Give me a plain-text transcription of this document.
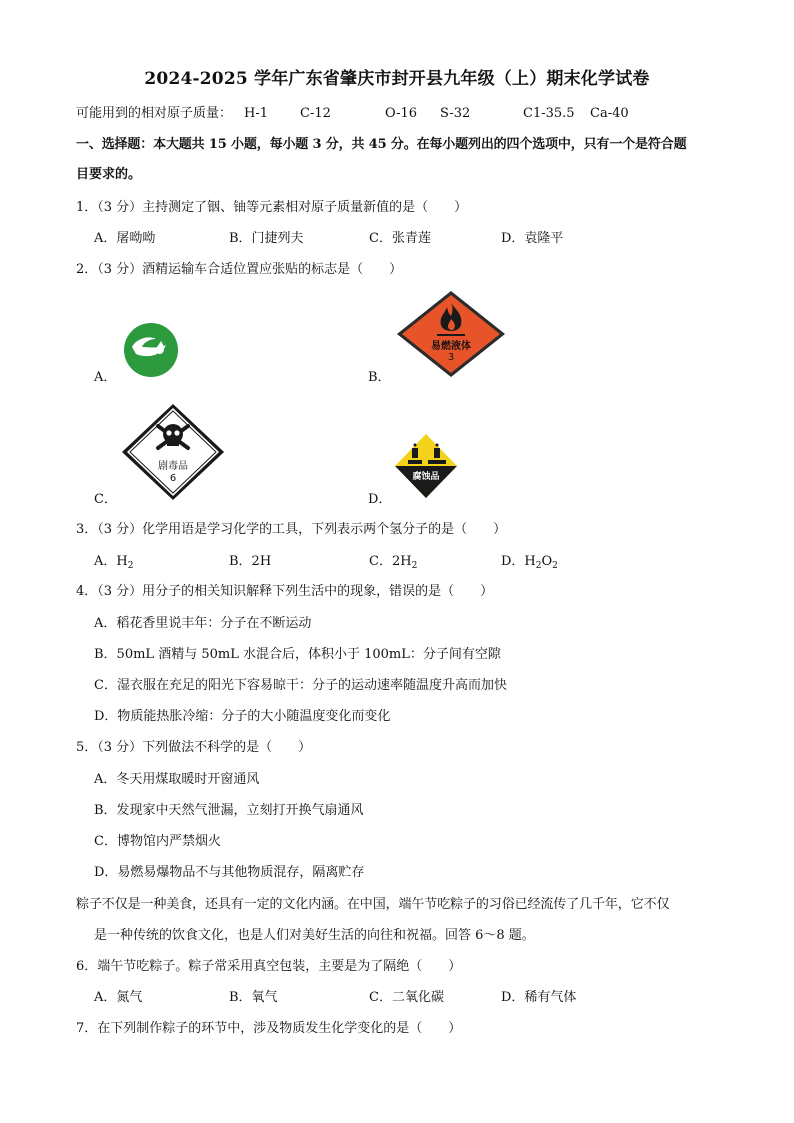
2024-2025 学年广东省肇庆市封开县九年级（上）期末化学试卷
可能用到的相对原子质量： H-1 C-12	O-16 S-32	C1-35.5 Ca-40
一、选择题：本大题共 15 小题，每小题 3 分，共 45 分。在每小题列出的四个选项中，只有一个是符合题
目要求的。
1．（3 分）主持测定了铟、铀等元素相对原子质量新值的是（　　）
A．屠呦呦	B．门捷列夫	C．张青莲	D．袁隆平
2．（3 分）酒精运输车合适位置应张贴的标志是（　　）
A．	B．
易燃液体
3
C．
剧毒品
6
D．
腐蚀品
3．（3 分）化学用语是学习化学的工具，下列表示两个氢分子的是（　　）
A．$H_2$	B．2H	C．$2H_2$	D．$H_2O_2$
4．（3 分）用分子的相关知识解释下列生活中的现象，错误的是（　　）
A．稻花香里说丰年：分子在不断运动
B．50mL 酒精与 50mL 水混合后，体积小于 100mL：分子间有空隙
C．湿衣服在充足的阳光下容易晾干：分子的运动速率随温度升高而加快
D．物质能热胀冷缩：分子的大小随温度变化而变化
5．（3 分）下列做法不科学的是（　　）
A．冬天用煤取暖时开窗通风
B．发现家中天然气泄漏，立刻打开换气扇通风
C．博物馆内严禁烟火
D．易燃易爆物品不与其他物质混存，隔离贮存
粽子不仅是一种美食，还具有一定的文化内涵。在中国，端午节吃粽子的习俗已经流传了几千年，它不仅
是一种传统的饮食文化，也是人们对美好生活的向往和祝福。回答 6～8 题。
6．端午节吃粽子。粽子常采用真空包装，主要是为了隔绝（　　）
A．氮气	B．氧气	C．二氧化碳	D．稀有气体
7．在下列制作粽子的环节中，涉及物质发生化学变化的是（　　）
